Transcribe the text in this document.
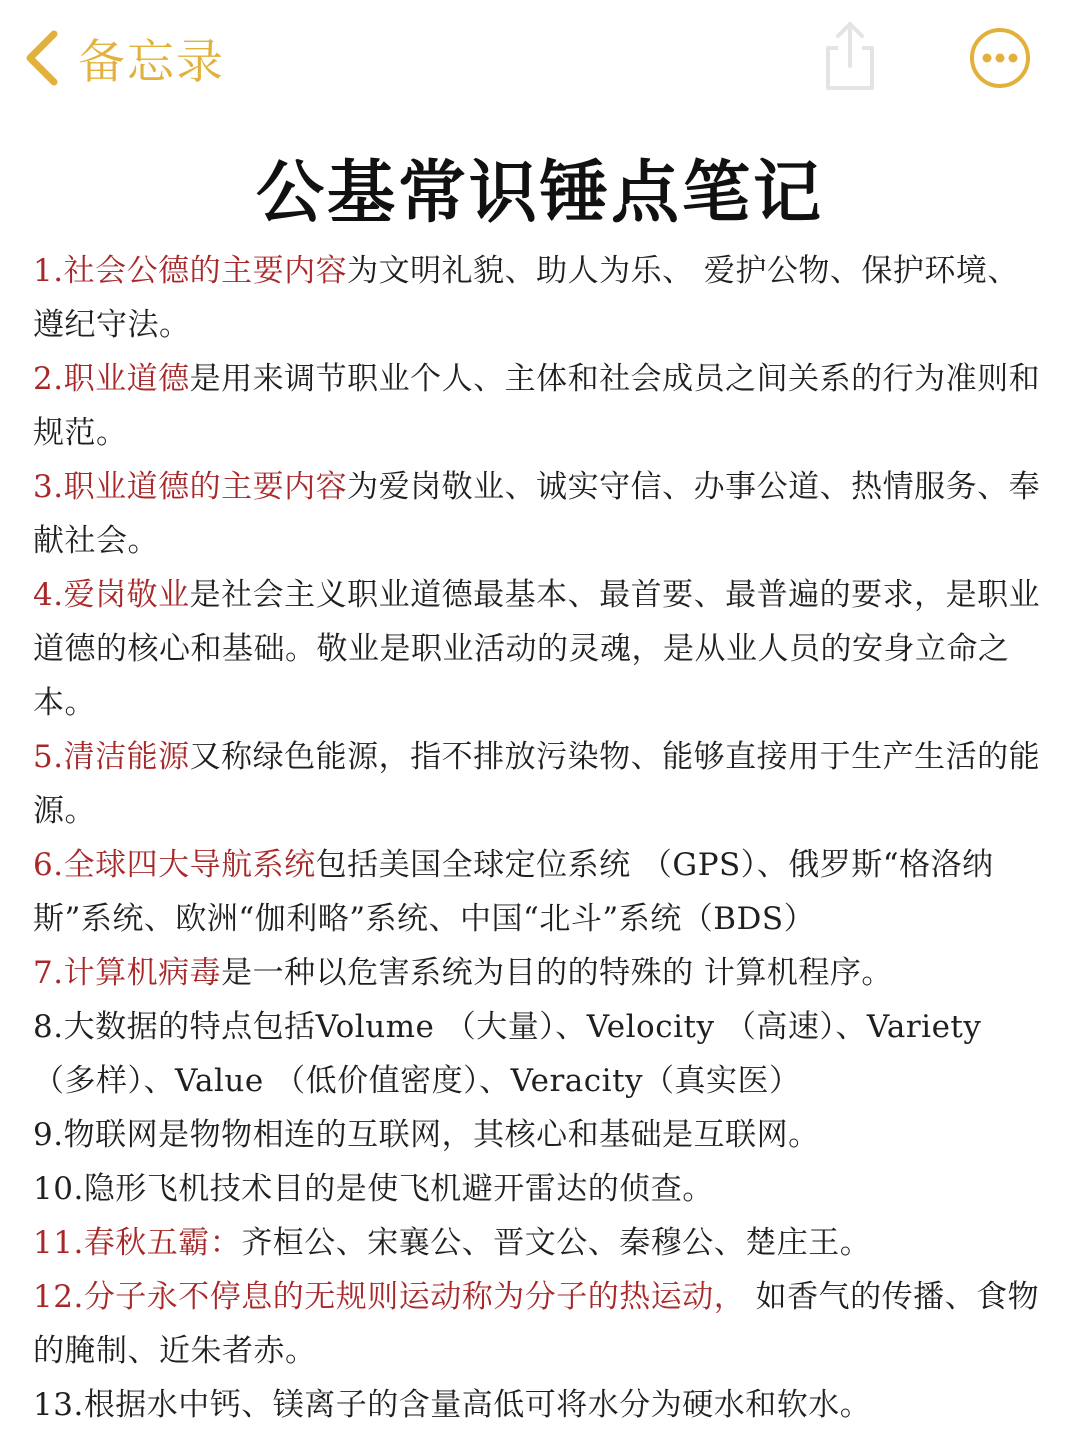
备忘录
公基常识锤点笔记

1.社会公德的主要内容为文明礼貌、助人为乐、 爱护公物、保护环境、遵纪守法。

2.职业道德是用来调节职业个人、主体和社会成员之间关系的行为准则和规范。

3.职业道德的主要内容为爱岗敬业、诚实守信、办事公道、热情服务、奉献社会。

4.爱岗敬业是社会主义职业道德最基本、最首要、最普遍的要求，是职业道德的核心和基础。敬业是职业活动的灵魂，是从业人员的安身立命之本。

5.清洁能源又称绿色能源，指不排放污染物、能够直接用于生产生活的能源。

6.全球四大导航系统包括美国全球定位系统 （GPS）、俄罗斯“格洛纳斯”系统、欧洲“伽利略”系统、中国“北斗”系统（BDS）

7.计算机病毒是一种以危害系统为目的的特殊的 计算机程序。

8.大数据的特点包括Volume （大量）、Velocity （高速）、Variety （多样）、Value （低价值密度）、Veracity（真实医）

9.物联网是物物相连的互联网，其核心和基础是互联网。

10.隐形飞机技术目的是使飞机避开雷达的侦查。

11.春秋五霸：齐桓公、宋襄公、晋文公、秦穆公、楚庄王。

12.分子永不停息的无规则运动称为分子的热运动， 如香气的传播、食物的腌制、近朱者赤。

13.根据水中钙、镁离子的含量高低可将水分为硬水和软水。
